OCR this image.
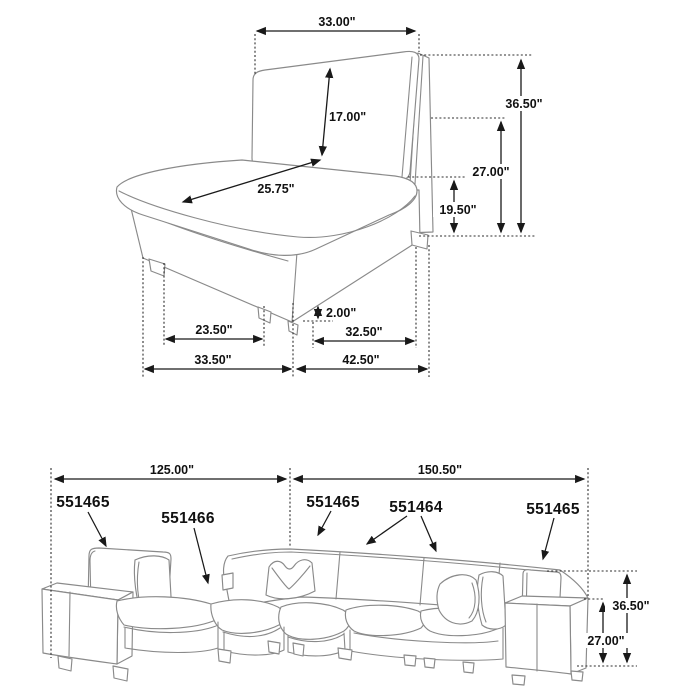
33.00"
17.00"
36.50"
27.00"
19.50"
25.75"
2.00"
23.50"	32.50"
33.50"	42.50"
125.00"	150.50"
36.50"
27.00"
551465
551466
551465 551464	551465
